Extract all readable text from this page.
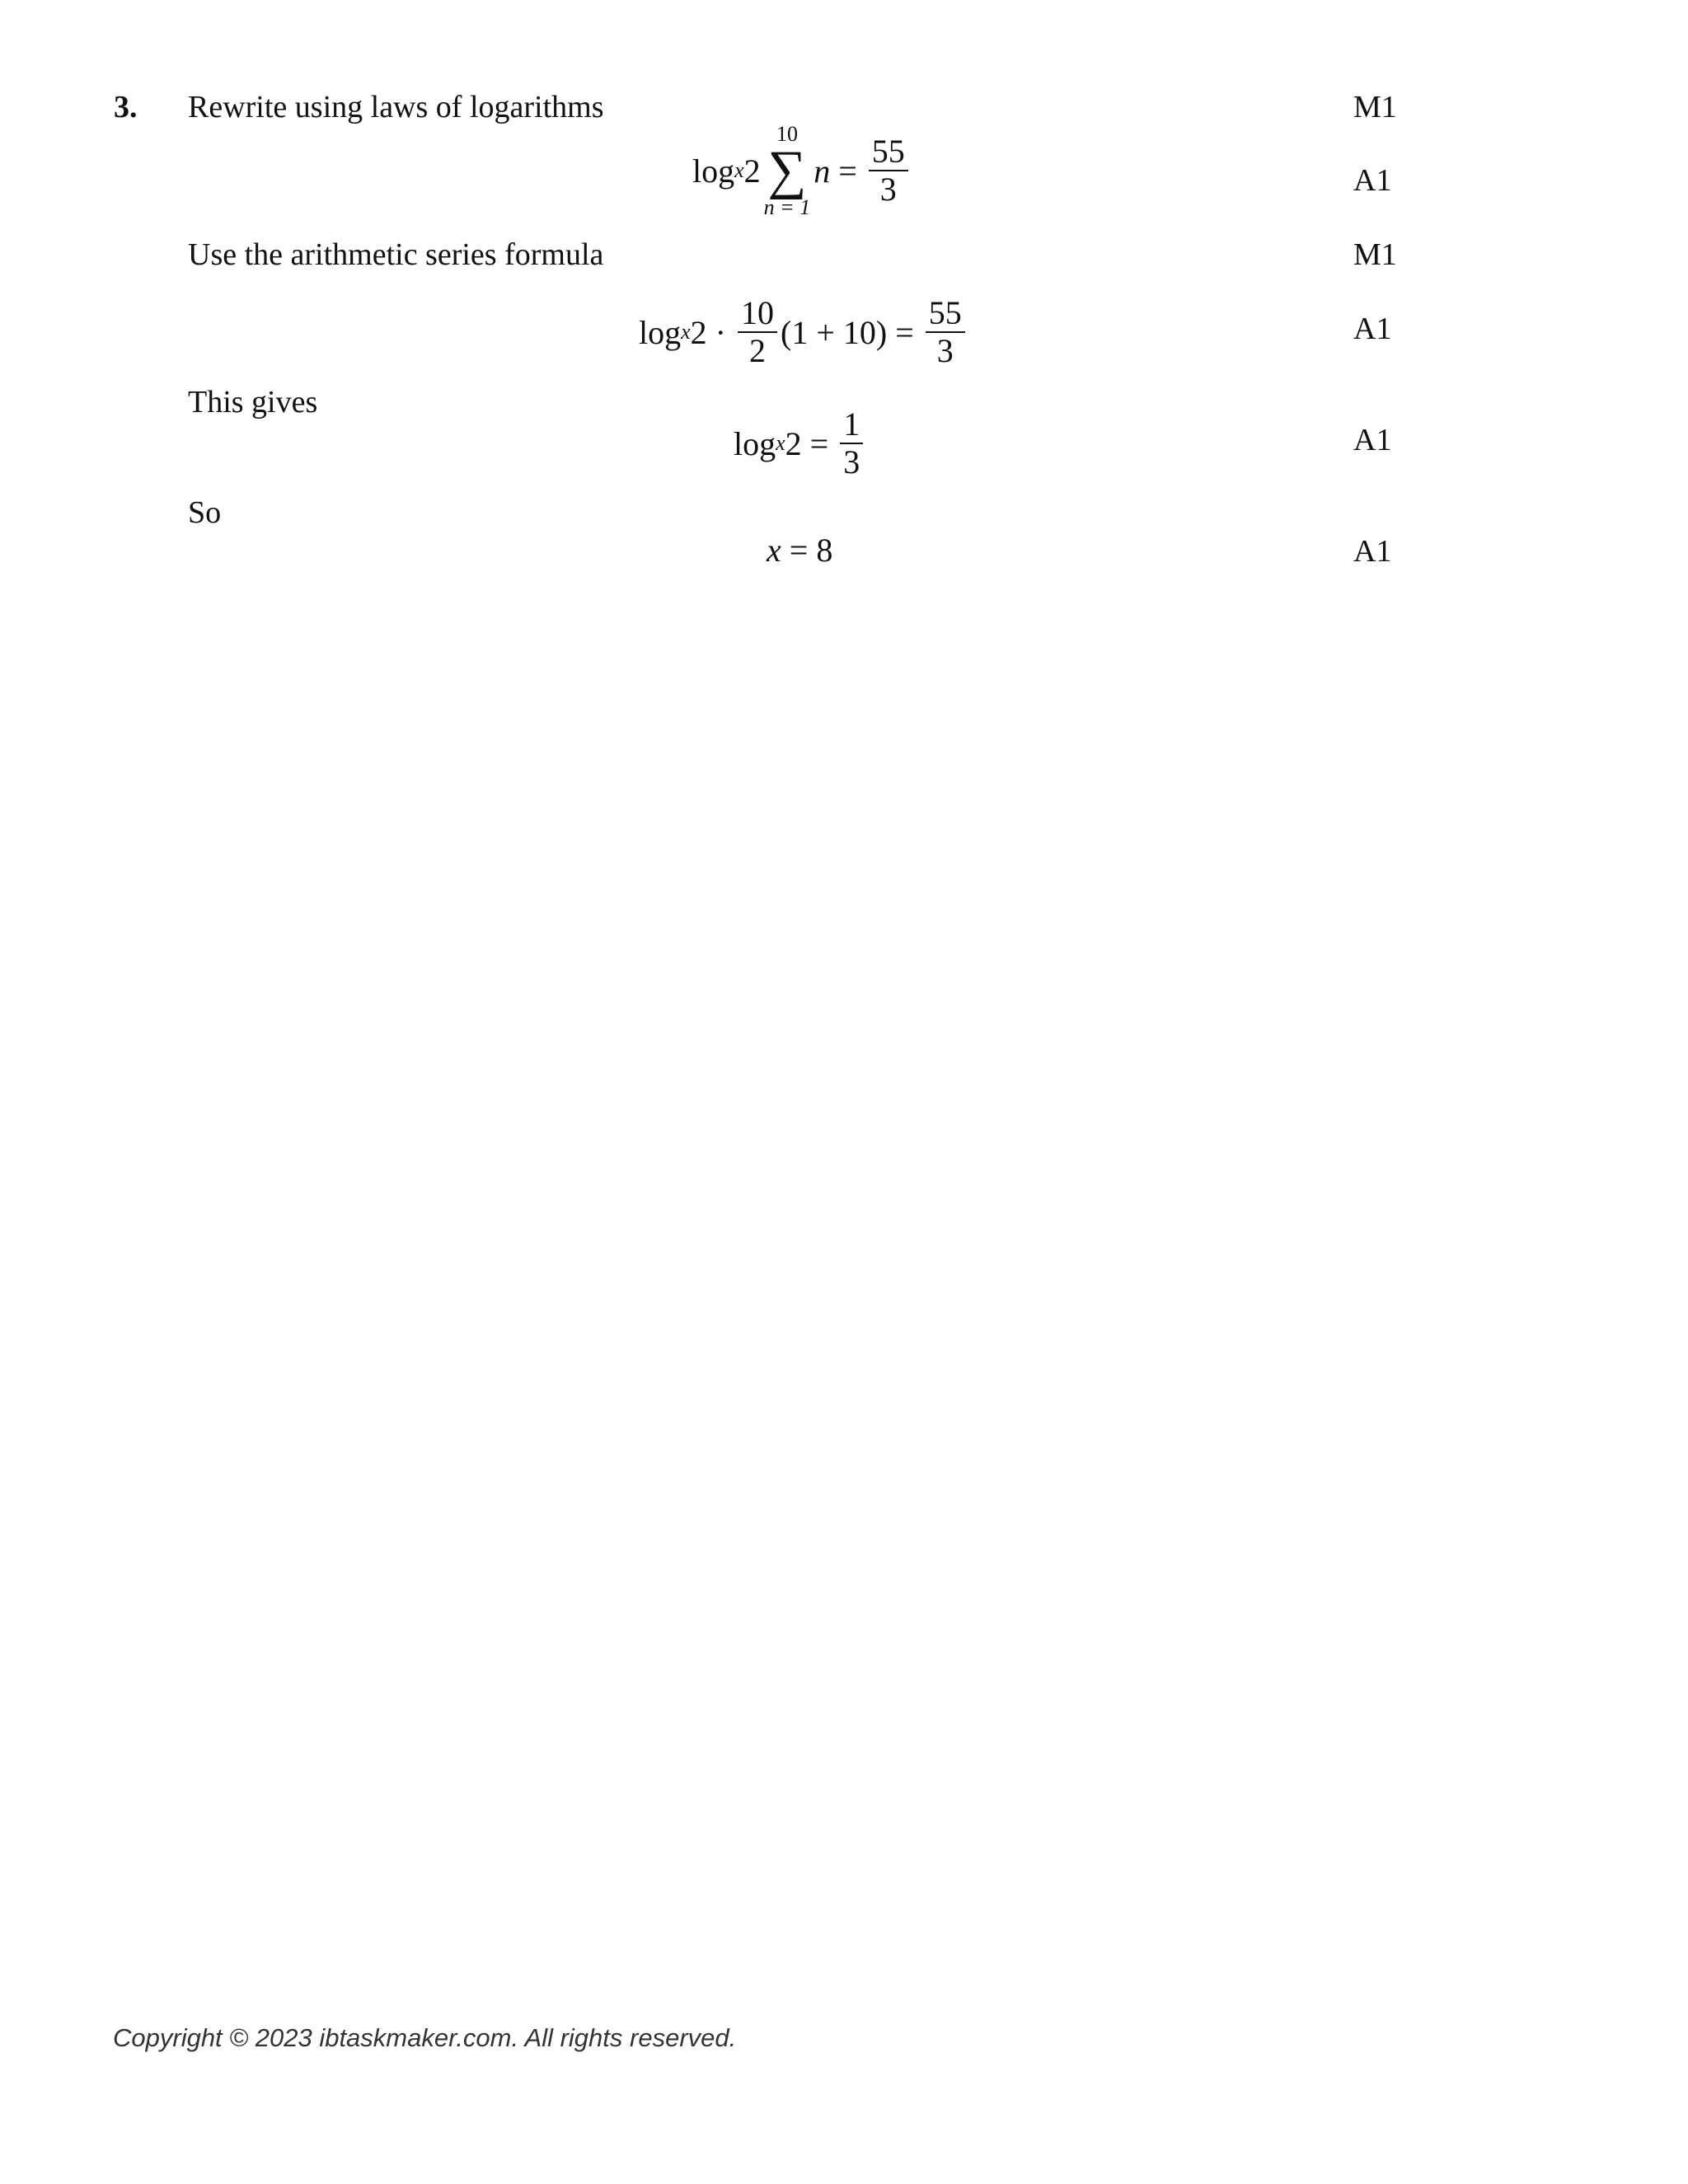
3. Rewrite using laws of logarithms	M1
log x 2
10
∑
n = 1
$n = \frac{55}{3}$	A1
Use the arithmetic series formula	M1
log x $2 \cdot \frac{10}{2} (1 + 10) = \frac{55}{3}$	A1
This gives
log x $2 = \frac{1}{3}$	A1
So
x = 8	A1
Copyright © 2023 ibtaskmaker.com. All rights reserved.
